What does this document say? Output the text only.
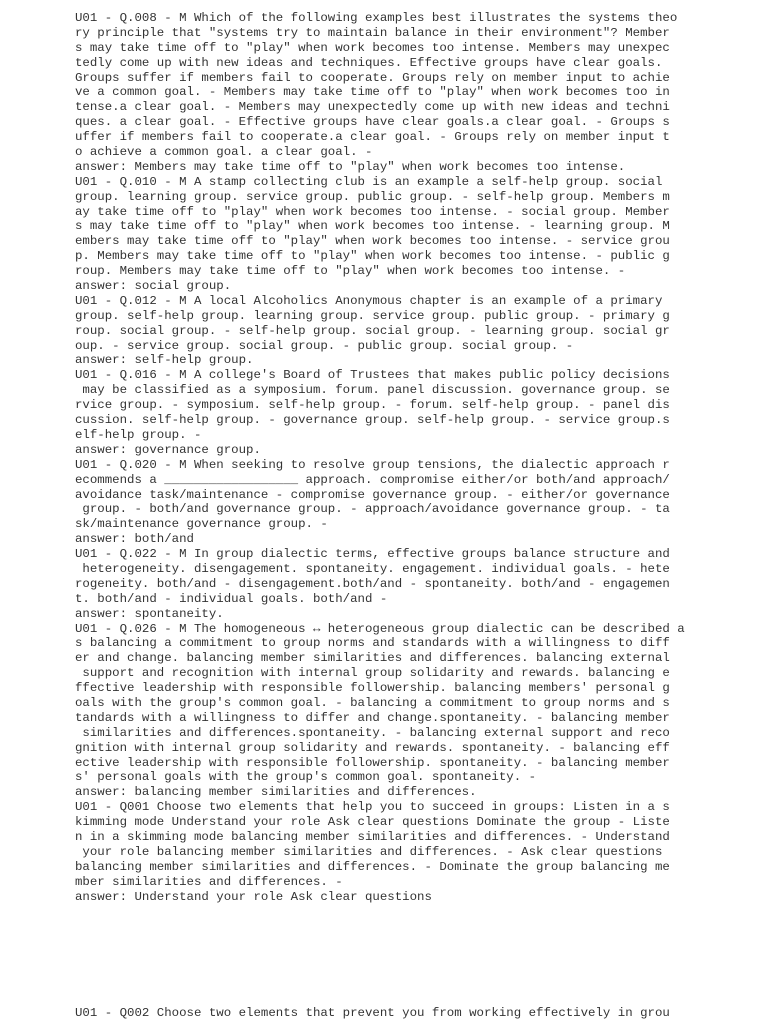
U01 - Q.008 - M Which of the following examples best illustrates the systems theo
ry principle that "systems try to maintain balance in their environment"? Member
s may take time off to "play" when work becomes too intense. Members may unexpec
tedly come up with new ideas and techniques. Effective groups have clear goals.
Groups suffer if members fail to cooperate. Groups rely on member input to achie
ve a common goal. - Members may take time off to "play" when work becomes too in
tense.a clear goal. - Members may unexpectedly come up with new ideas and techni
ques. a clear goal. - Effective groups have clear goals.a clear goal. - Groups s
uffer if members fail to cooperate.a clear goal. - Groups rely on member input t
o achieve a common goal. a clear goal. -
answer: Members may take time off to "play" when work becomes too intense.
U01 - Q.010 - M A stamp collecting club is an example a self-help group. social
group. learning group. service group. public group. - self-help group. Members m
ay take time off to "play" when work becomes too intense. - social group. Member
s may take time off to "play" when work becomes too intense. - learning group. M
embers may take time off to "play" when work becomes too intense. - service grou
p. Members may take time off to "play" when work becomes too intense. - public g
roup. Members may take time off to "play" when work becomes too intense. -
answer: social group.
U01 - Q.012 - M A local Alcoholics Anonymous chapter is an example of a primary
group. self-help group. learning group. service group. public group. - primary g
roup. social group. - self-help group. social group. - learning group. social gr
oup. - service group. social group. - public group. social group. -
answer: self-help group.
U01 - Q.016 - M A college's Board of Trustees that makes public policy decisions
may be classified as a symposium. forum. panel discussion. governance group. se
rvice group. - symposium. self-help group. - forum. self-help group. - panel dis
cussion. self-help group. - governance group. self-help group. - service group.s
elf-help group. -
answer: governance group.
U01 - Q.020 - M When seeking to resolve group tensions, the dialectic approach r
ecommends a __________________ approach. compromise either/or both/and approach/
avoidance task/maintenance - compromise governance group. - either/or governance
group. - both/and governance group. - approach/avoidance governance group. - ta
sk/maintenance governance group. -
answer: both/and
U01 - Q.022 - M In group dialectic terms, effective groups balance structure and
heterogeneity. disengagement. spontaneity. engagement. individual goals. - hete
rogeneity. both/and - disengagement.both/and - spontaneity. both/and - engagemen
t. both/and - individual goals. both/and -
answer: spontaneity.
U01 - Q.026 - M The homogeneous ↔ heterogeneous group dialectic can be described a
s balancing a commitment to group norms and standards with a willingness to diff
er and change. balancing member similarities and differences. balancing external
support and recognition with internal group solidarity and rewards. balancing e
ffective leadership with responsible followership. balancing members' personal g
oals with the group's common goal. - balancing a commitment to group norms and s
tandards with a willingness to differ and change.spontaneity. - balancing member
similarities and differences.spontaneity. - balancing external support and reco
gnition with internal group solidarity and rewards. spontaneity. - balancing eff
ective leadership with responsible followership. spontaneity. - balancing member
s' personal goals with the group's common goal. spontaneity. -
answer: balancing member similarities and differences.
U01 - Q001 Choose two elements that help you to succeed in groups: Listen in a s
kimming mode Understand your role Ask clear questions Dominate the group - Liste
n in a skimming mode balancing member similarities and differences. - Understand
your role balancing member similarities and differences. - Ask clear questions
balancing member similarities and differences. - Dominate the group balancing me
mber similarities and differences. -
answer: Understand your role Ask clear questions
U01 - Q002 Choose two elements that prevent you from working effectively in grou
